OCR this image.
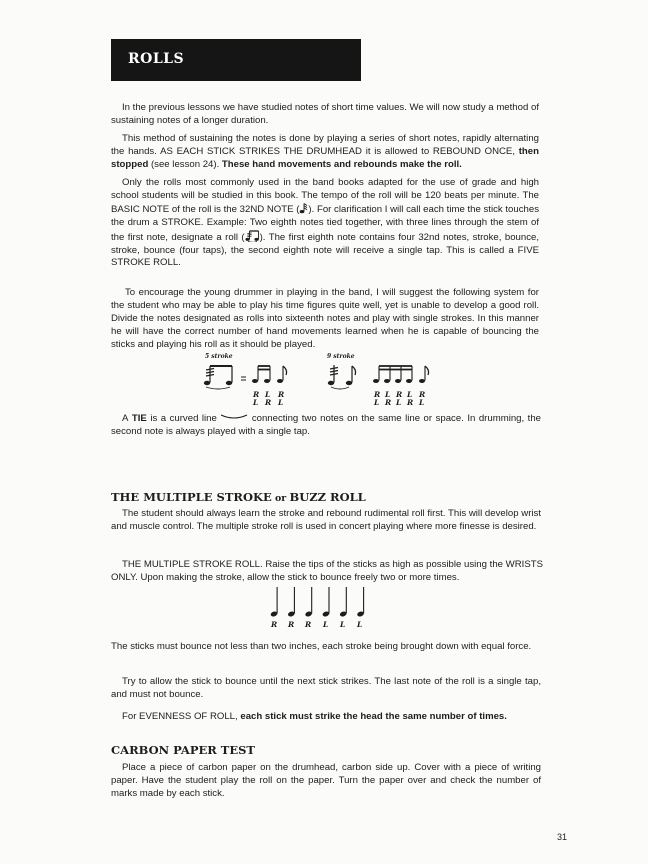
ROLLS

In the previous lessons we have studied notes of short time values. We will now study a method of sustaining notes of a longer duration.

This method of sustaining the notes is done by playing a series of short notes, rapidly alternating the hands. AS EACH STICK STRIKES THE DRUMHEAD it is allowed to REBOUND ONCE, then stopped (see lesson 24). These hand movements and rebounds make the roll.

Only the rolls most commonly used in the band books adapted for the use of grade and high school students will be studied in this book. The tempo of the roll will be 120 beats per minute. The BASIC NOTE of the roll is the 32ND NOTE ( ). For clarification I will call each time the stick touches the drum a STROKE. Example: Two eighth notes tied together, with three lines through the stem of the first note, designate a roll ( ). The first eighth note contains four 32nd notes, stroke, bounce, stroke, bounce (four taps), the second eighth note will receive a single tap. This is called a FIVE STROKE ROLL.

To encourage the young drummer in playing in the band, I will suggest the following system for the student who may be able to play his time figures quite well, yet is unable to develop a good roll. Divide the notes designated as rolls into sixteenth notes and play with single strokes. In this manner he will have the correct number of hand movements learned when he is capable of bouncing the sticks and playing his roll as it should be played.

5 stroke	9 stroke
R L R
L R L
R L R L R
L R L R L

A TIE is a curved line	connecting two notes on the same line or space. In drumming, the second note is always played with a single tap.

THE MULTIPLE STROKE or BUZZ ROLL

The student should always learn the stroke and rebound rudimental roll first. This will develop wrist and muscle control. The multiple stroke roll is used in concert playing where more finesse is desired.

THE MULTIPLE STROKE ROLL. Raise the tips of the sticks as high as possible using the WRISTS ONLY. Upon making the stroke, allow the stick to bounce freely two or more times.

R R R L L L

The sticks must bounce not less than two inches, each stroke being brought down with equal force.

Try to allow the stick to bounce until the next stick strikes. The last note of the roll is a single tap, and must not bounce.

For EVENNESS OF ROLL, each stick must strike the head the same number of times.

CARBON PAPER TEST

Place a piece of carbon paper on the drumhead, carbon side up. Cover with a piece of writing paper. Have the student play the roll on the paper. Turn the paper over and check the number of marks made by each stick.

31
